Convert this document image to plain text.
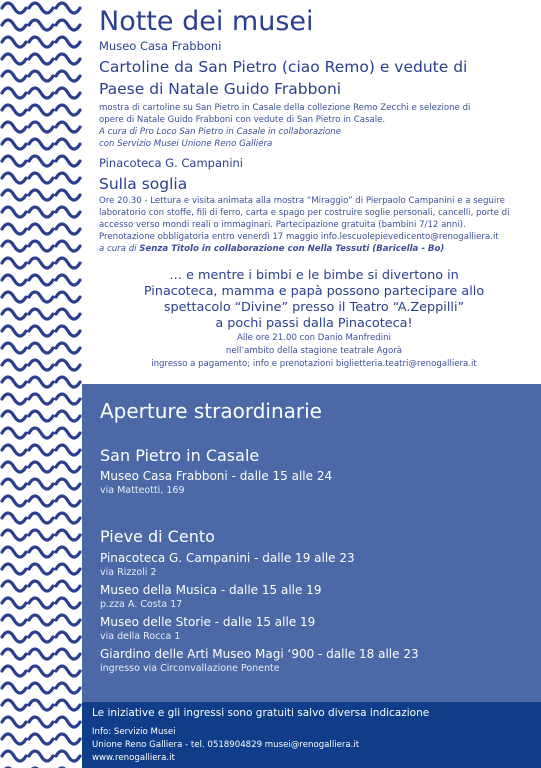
Notte dei musei
Museo Casa Frabboni
Cartoline da San Pietro (ciao Remo) e vedute di
Paese di Natale Guido Frabboni
mostra di cartoline su San Pietro in Casale della collezione Remo Zecchi e selezione di
opere di Natale Guido Frabboni con vedute di San Pietro in Casale.
A cura di Pro Loco San Pietro in Casale in collaborazione
con Servizio Musei Unione Reno Galliera
Pinacoteca G. Campanini
Sulla soglia
Ore 20.30 - Lettura e visita animata alla mostra “Miraggio” di Pierpaolo Campanini e a seguire
laboratorio con stoffe, fili di ferro, carta e spago per costruire soglie personali, cancelli, porte di
accesso verso mondi reali o immaginari. Partecipazione gratuita (bambini 7/12 anni).
Prenotazione obbligatoria entro venerdì 17 maggio info.lescuolepievedicento@renogalliera.it
a cura di Senza Titolo in collaborazione con Nella Tessuti (Baricella - Bo)
… e mentre i bimbi e le bimbe si divertono in
Pinacoteca, mamma e papà possono partecipare allo
spettacolo “Divine” presso il Teatro “A.Zeppilli”
a pochi passi dalla Pinacoteca!
Alle ore 21.00 con Danio Manfredini
nell’ambito della stagione teatrale Agorà
ingresso a pagamento; info e prenotazioni biglietteria.teatri@renogalliera.it
Aperture straordinarie
San Pietro in Casale
Museo Casa Frabboni - dalle 15 alle 24
via Matteotti, 169
Pieve di Cento
Pinacoteca G. Campanini - dalle 19 alle 23
via Rizzoli 2
Museo della Musica - dalle 15 alle 19
p.zza A. Costa 17
Museo delle Storie - dalle 15 alle 19
via della Rocca 1
Giardino delle Arti Museo Magi ‘900 - dalle 18 alle 23
ingresso via Circonvallazione Ponente
Le iniziative e gli ingressi sono gratuiti salvo diversa indicazione
Info: Servizio Musei
Unione Reno Galliera - tel. 0518904829 musei@renogalliera.it
www.renogalliera.it
